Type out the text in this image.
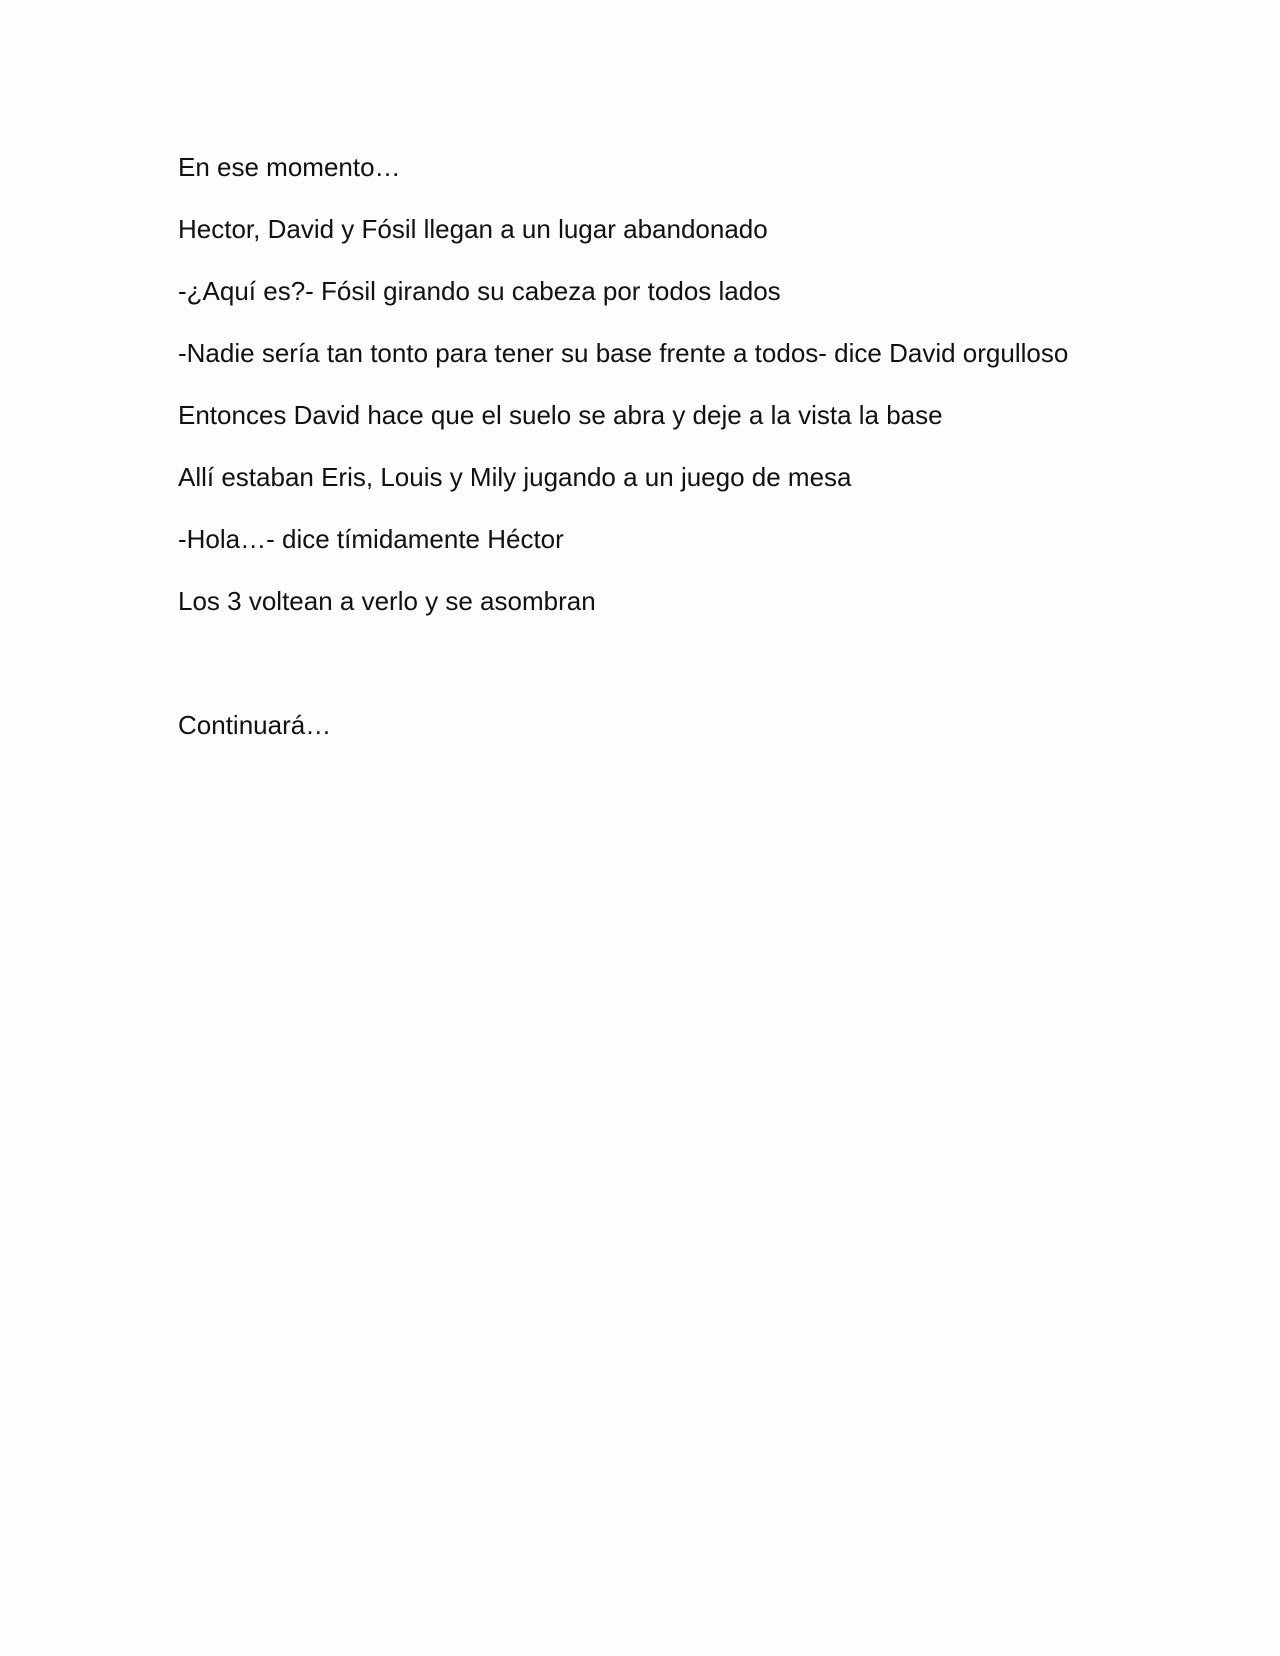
En ese momento…
Hector, David y Fósil llegan a un lugar abandonado
-¿Aquí es?- Fósil girando su cabeza por todos lados
-Nadie sería tan tonto para tener su base frente a todos- dice David orgulloso
Entonces David hace que el suelo se abra y deje a la vista la base
Allí estaban Eris, Louis y Mily jugando a un juego de mesa
-Hola…- dice tímidamente Héctor
Los 3 voltean a verlo y se asombran
Continuará…
